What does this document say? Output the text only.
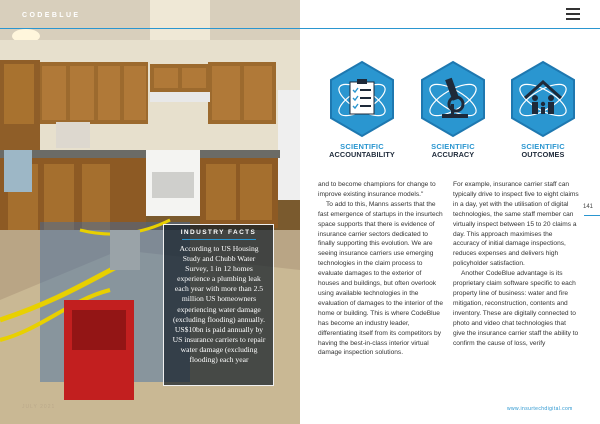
CODEBLUE
INDUSTRY FACTS
According to US Housing Study and Chubb Water Survey, 1 in 12 homes experience a plumbing leak each year with more than 2.5 million US homeowners experiencing water damage (excluding flooding) annually. US$10bn is paid annually by US insurance carriers to repair water damage (excluding flooding) each year
JULY 2021
SCIENTIFIC
ACCOUNTABILITY
SCIENTIFIC
ACCURACY
SCIENTIFIC
OUTCOMES

and to become champions for change to improve existing insurance models."

To add to this, Manns asserts that the fast emergence of startups in the insurtech space supports that there is evidence of insurance carrier sectors dedicated to finally supporting this evolution. We are seeing insurance carriers use emerging technologies in the claim process to evaluate damages to the exterior of houses and buildings, but often overlook using available technologies in the evaluation of damages to the interior of the home or building. This is where CodeBlue has become an industry leader, differentiating itself from its competitors by having the best-in-class interior virtual damage inspection solutions.

For example, insurance carrier staff can typically drive to inspect five to eight claims in a day, yet with the utilisation of digital technologies, the same staff member can virtually inspect between 15 to 20 claims a day. This approach maximises the accuracy of initial damage inspections, reduces expenses and delivers high policyholder satisfaction.

Another CodeBlue advantage is its proprietary claim software specific to each property line of business: water and fire mitigation, reconstruction, contents and inventory. These are digitally connected to photo and video chat technologies that give the insurance carrier staff the ability to confirm the cause of loss, verify

141
www.insurtechdigital.com
